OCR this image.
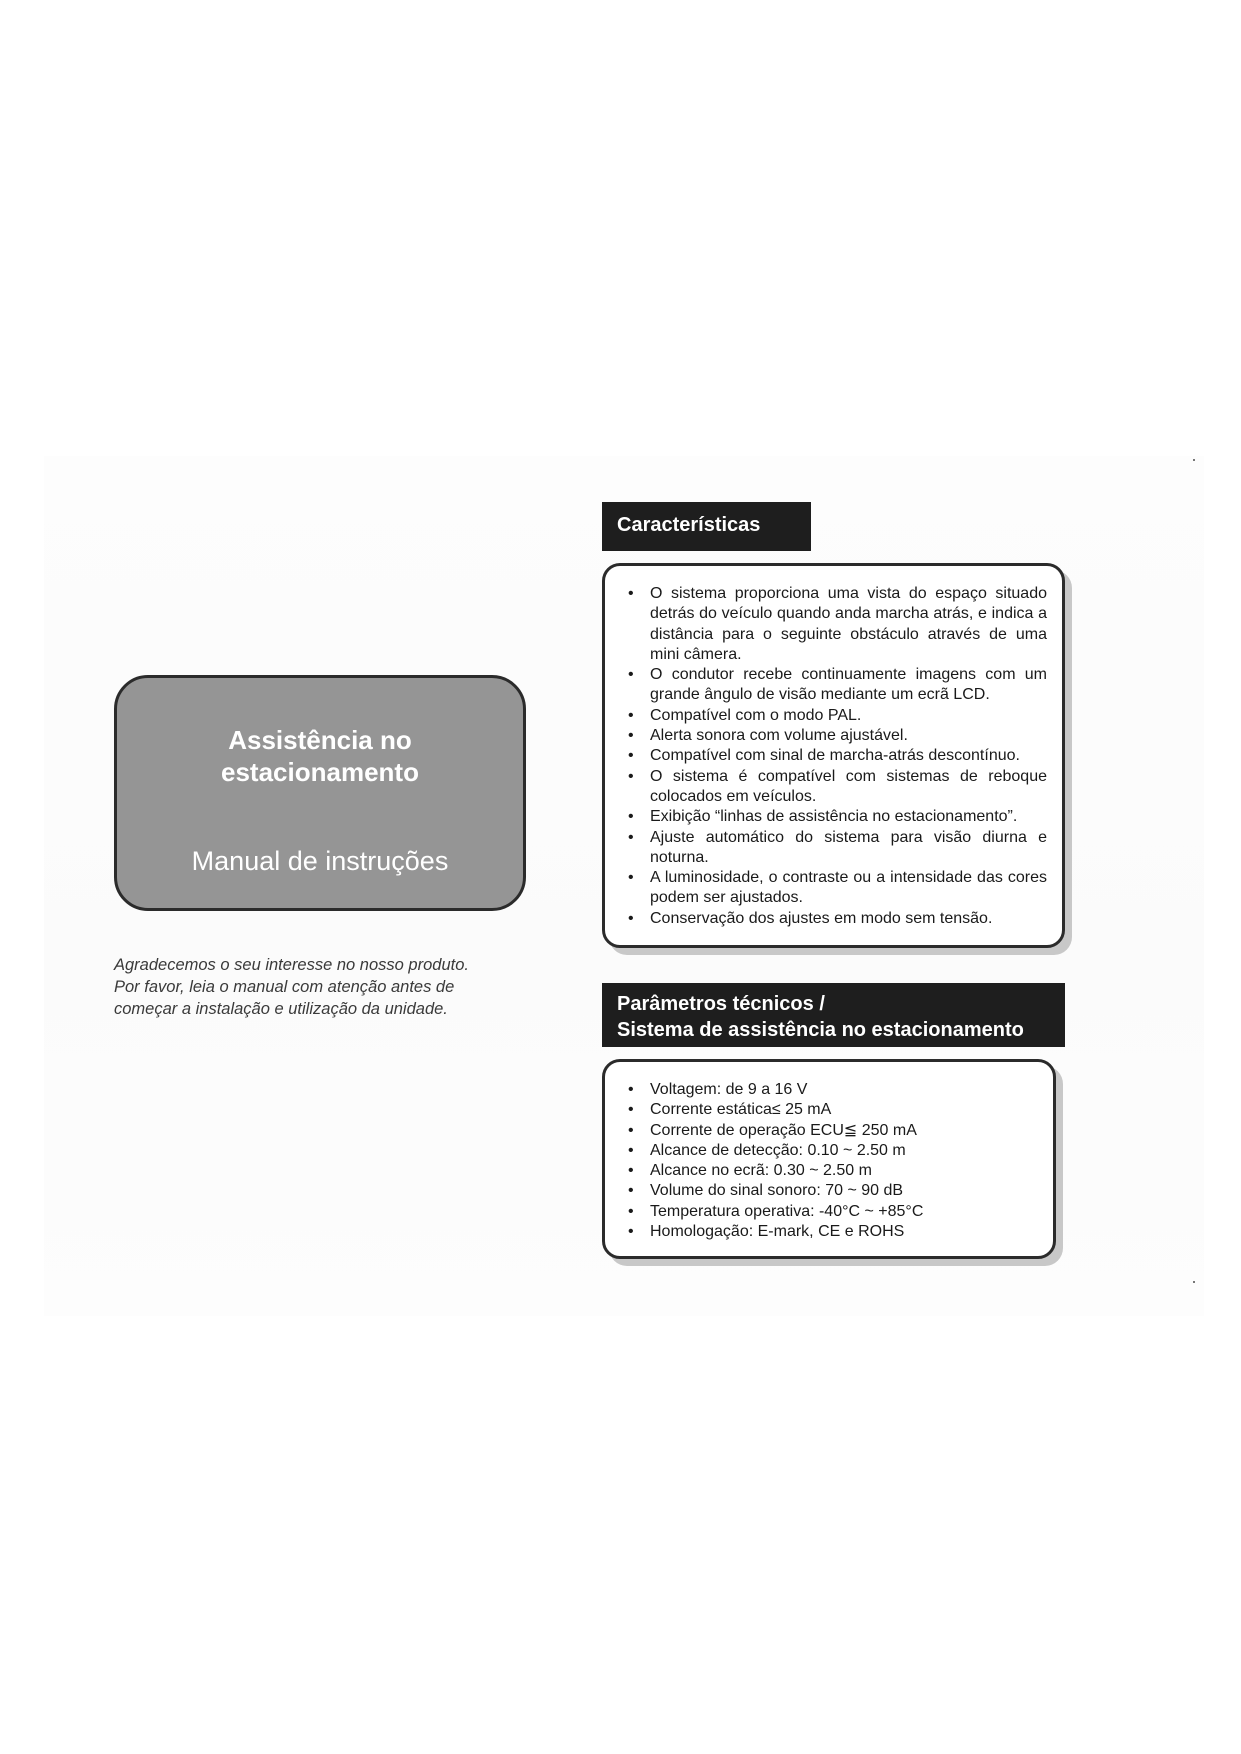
Assistência no
estacionamento
Manual de instruções
Agradecemos o seu interesse no nosso produto.
Por favor, leia o manual com atenção antes de
começar a instalação e utilização da unidade.
Características
•	O sistema proporciona uma vista do espaço situado detrás do veículo quando anda marcha atrás, e indica a distância para o seguinte obstáculo através de uma mini câmera.
•	O condutor recebe continuamente imagens com um grande ângulo de visão mediante um ecrã LCD.
•	Compatível com o modo PAL.
•	Alerta sonora com volume ajustável.
•	Compatível com sinal de marcha-atrás descontínuo.
•	O sistema é compatível com sistemas de reboque colocados em veículos.
•	Exibição “linhas de assistência no estacionamento”.
•	Ajuste automático do sistema para visão diurna e noturna.
•	A luminosidade, o contraste ou a intensidade das cores podem ser ajustados.
•	Conservação dos ajustes em modo sem tensão.
Parâmetros técnicos /
Sistema de assistência no estacionamento
•	Voltagem: de 9 a 16 V
•	Corrente estática≤ 25 mA
•	Corrente de operação ECU≦ 250 mA
•	Alcance de detecção: 0.10 ~ 2.50 m
•	Alcance no ecrã: 0.30 ~ 2.50 m
•	Volume do sinal sonoro: 70 ~ 90 dB
•	Temperatura operativa: -40°C ~ +85°C
•	Homologação: E-mark, CE e ROHS
